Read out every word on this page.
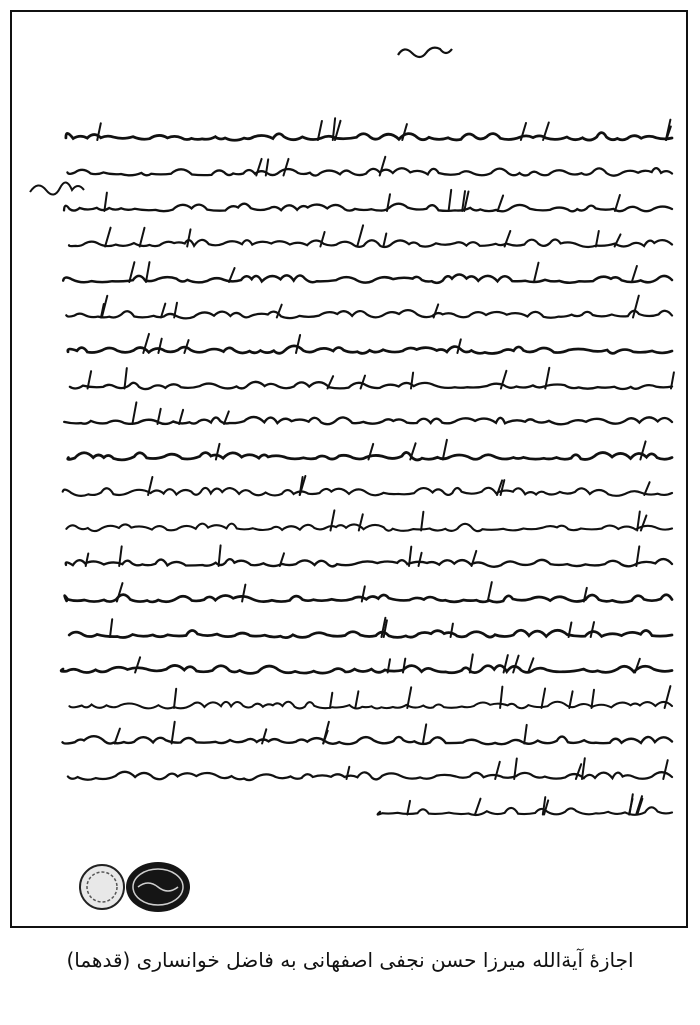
اجازهٔ آیةالله میرزا حسن نجفی اصفهانی به فاضل خوانساری (قدهما)
